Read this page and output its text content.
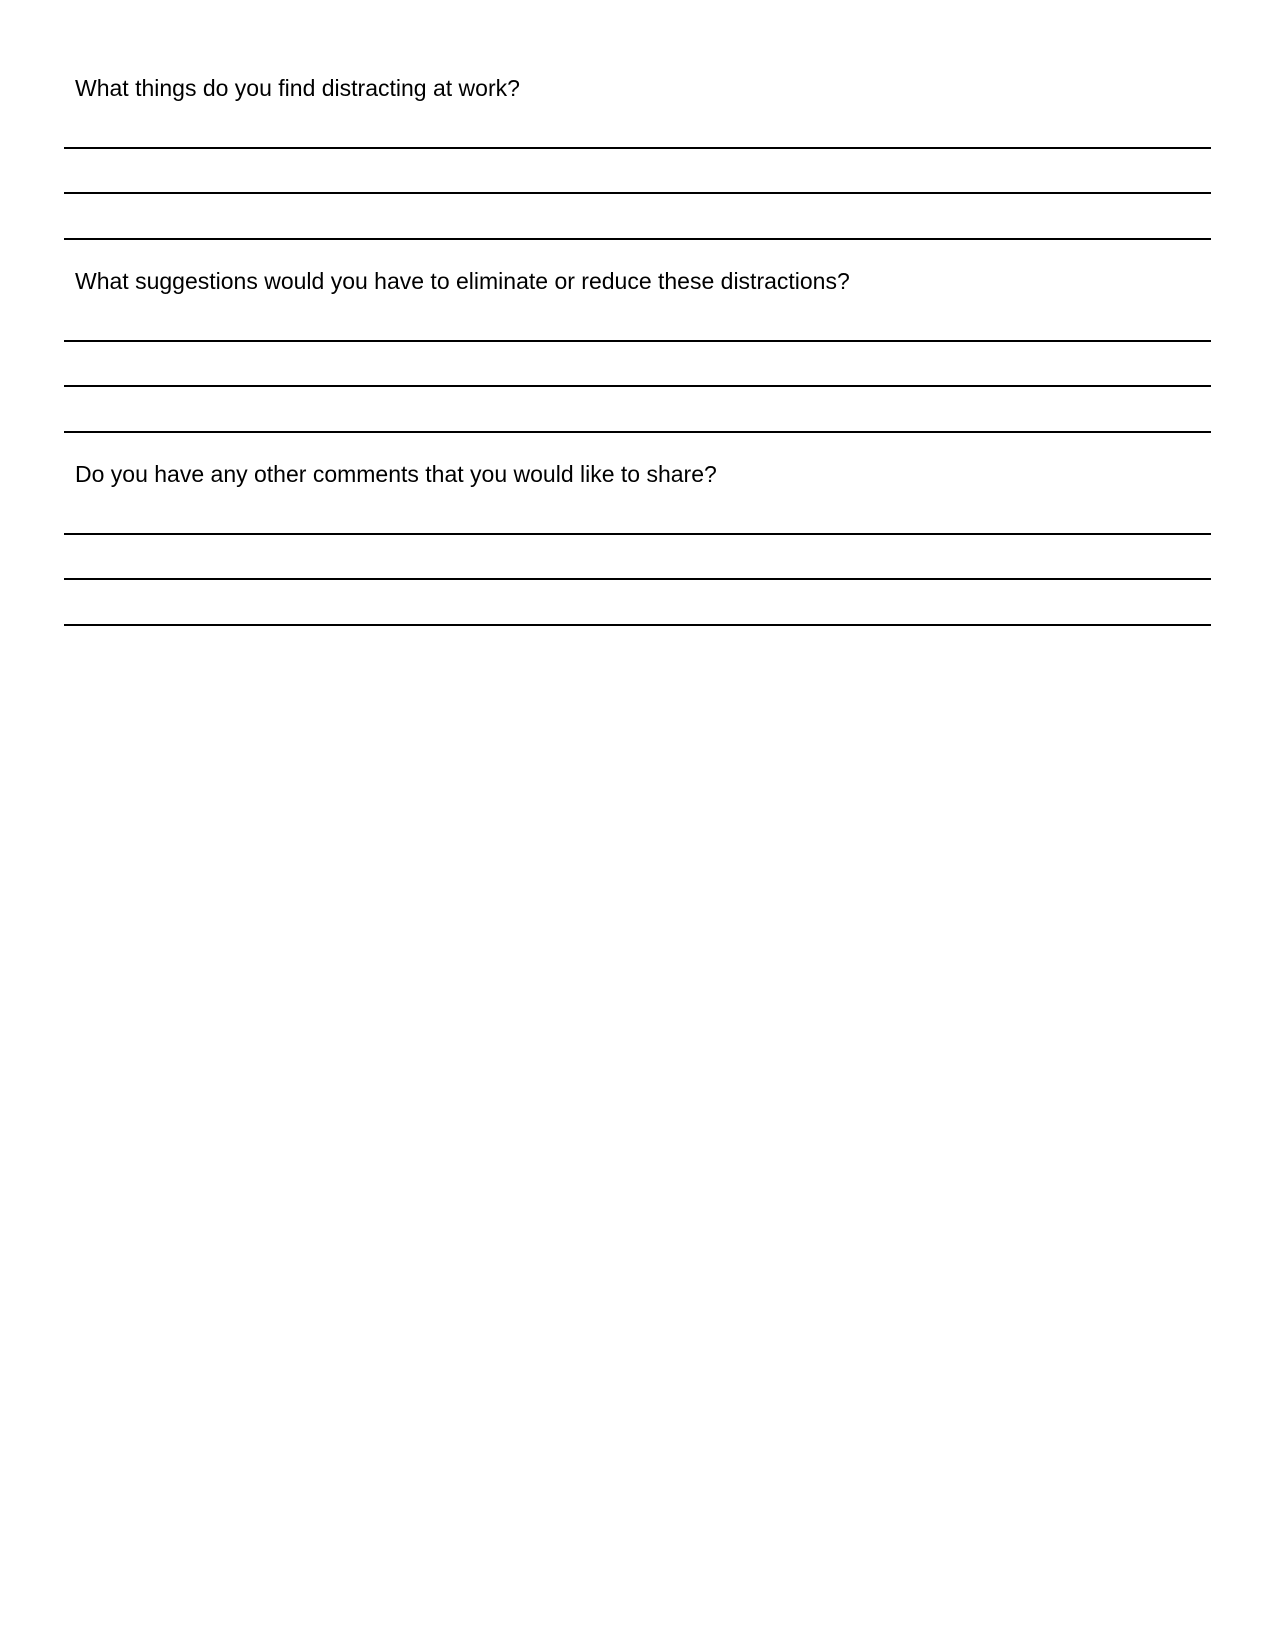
What things do you find distracting at work?
What suggestions would you have to eliminate or reduce these distractions?
Do you have any other comments that you would like to share?
